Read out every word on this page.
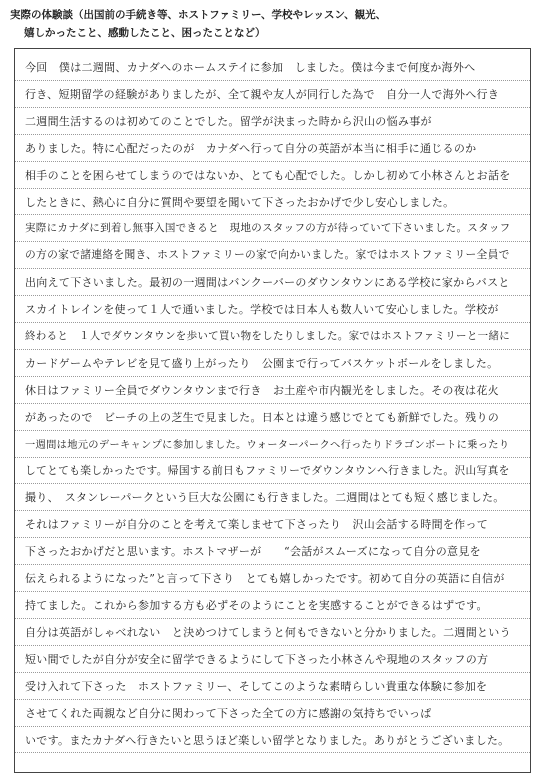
実際の体験談（出国前の手続き等、ホストファミリー、学校やレッスン、観光、
嬉しかったこと、感動したこと、困ったことなど）
今回　僕は二週間、カナダへのホームステイに参加　しました。僕は今まで何度か海外へ
行き、短期留学の経験がありましたが、全て親や友人が同行した為で　自分一人で海外へ行き
二週間生活するのは初めてのことでした。留学が決まった時から沢山の悩み事が
ありました。特に心配だったのが　カナダへ行って自分の英語が本当に相手に通じるのか
相手のことを困らせてしまうのではないか、とても心配でした。しかし初めて小林さんとお話を
したときに、熱心に自分に質問や要望を聞いて下さったおかげで少し安心しました。
実際にカナダに到着し無事入国できると　現地のスタッフの方が待っていて下さいました。スタッフ
の方の家で諸連絡を聞き、ホストファミリーの家で向かいました。家ではホストファミリー全員で
出向えて下さいました。最初の一週間はバンクーバーのダウンタウンにある学校に家からバスと
スカイトレインを使って１人で通いました。学校では日本人も数人いて安心しました。学校が
終わると　１人でダウンタウンを歩いて買い物をしたりしました。家ではホストファミリーと一緒に
カードゲームやテレビを見て盛り上がったり　公園まで行ってバスケットボールをしました。
休日はファミリー全員でダウンタウンまで行き　お土産や市内観光をしました。その夜は花火
があったので　ビーチの上の芝生で見ました。日本とは違う感じでとても新鮮でした。残りの
一週間は地元のデーキャンプに参加しました。ウォーターパークへ行ったりドラゴンボートに乗ったり
してとても楽しかったです。帰国する前日もファミリーでダウンタウンへ行きました。沢山写真を
撮り、　スタンレーパークという巨大な公園にも行きました。二週間はとても短く感じました。
それはファミリーが自分のことを考えて楽しませて下さったり　沢山会話する時間を作って
下さったおかげだと思います。ホストマザーが　　“会話がスムーズになって自分の意見を
伝えられるようになった”と言って下さり　とても嬉しかったです。初めて自分の英語に自信が
持てました。これから参加する方も必ずそのようにことを実感することができるはずです。
自分は英語がしゃべれない　と決めつけてしまうと何もできないと分かりました。二週間という
短い間でしたが自分が安全に留学できるようにして下さった小林さんや現地のスタッフの方
受け入れて下さった　ホストファミリー、そしてこのような素晴らしい貴重な体験に参加を
させてくれた両親など自分に関わって下さった全ての方に感謝の気持ちでいっぱ
いです。またカナダへ行きたいと思うほど楽しい留学となりました。ありがとうございました。
